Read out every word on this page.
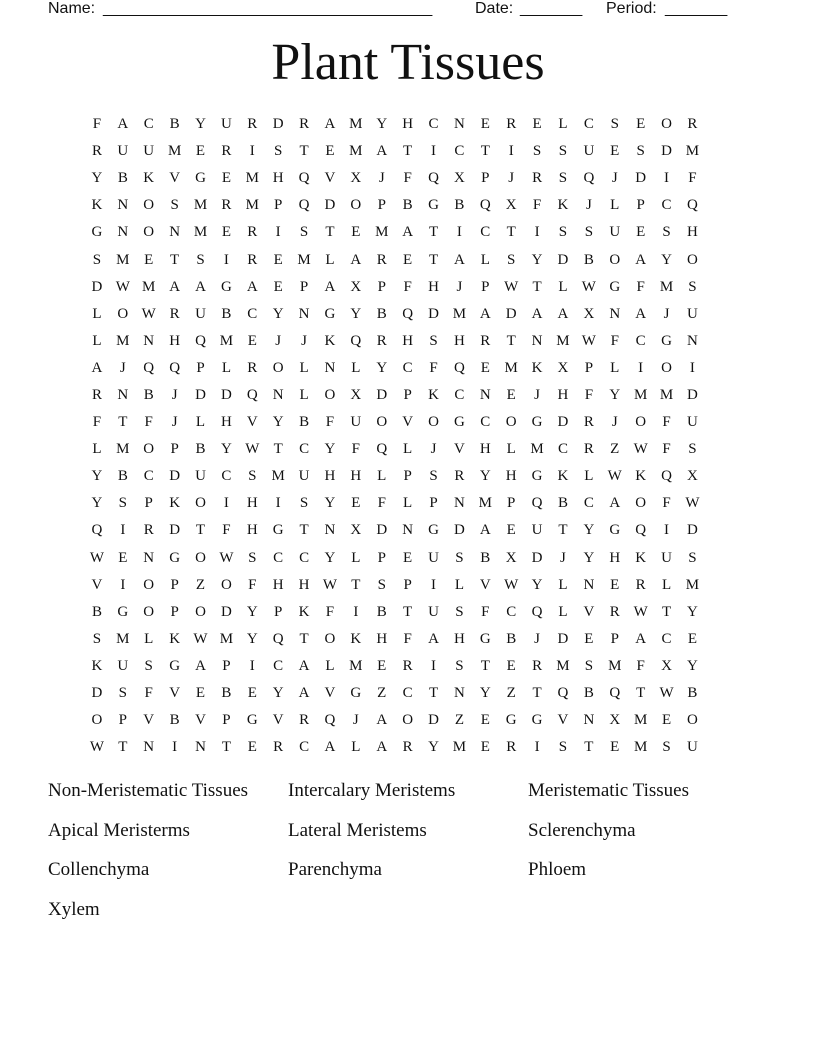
Name: _____________________________________	Date: _______ Period: _______
Plant Tissues
F	A	C	B	Y	U	R	D	R	A M Y	H	C	N	E	R	E	L	C	S	E	O	R
R	U	U M E	R	I	S	T	E M A	T	I	C	T	I	S	S	U	E	S	D M
Y	B	K	V	G	E M H	Q	V	X	J	F	Q	X	P	J	R	S	Q	J	D	I	F
K	N	O	S	M R M	P	Q	D	O	P	B	G	B	Q	X	F	K	J	L	P	C	Q
G	N	O	N M E	R	I	S	T	E M A	T	I	C	T	I	S	S	U	E	S	H
S	M E	T	S	I	R	E M L	A	R	E	T	A	L	S	Y	D	B	O	A	Y	O
D W M A	A	G	A	E	P	A	X	P	F	H	J	P W T	L W G	F	M	S
L	O W R	U	B	C	Y	N	G	Y	B	Q	D M A	D	A	A	X	N	A	J	U
L M N	H	Q M E	J	J	K	Q	R	H	S	H	R	T	N M W F	C	G	N
A	J	Q	Q	P	L	R	O	L	N	L	Y	C	F	Q	E M K	X	P	L	I	O	I
R	N	B	J	D	D	Q	N	L	O	X	D	P	K	C	N	E	J	H	F	Y M M D
F	T	F	J	L	H	V	Y	B	F	U	O	V	O	G	C	O	G	D	R	J	O	F	U
L M O	P	B	Y W T	C	Y	F	Q	L	J	V	H	L M C	R	Z W F	S
Y	B	C	D	U	C	S	M U	H	H	L	P	S	R	Y	H	G	K	L W K	Q	X
Y	S	P	K	O	I	H	I	S	Y	E	F	L	P	N M	P	Q	B	C	A	O	F W
Q	I	R	D	T	F	H	G	T	N	X	D	N	G	D	A	E	U	T	Y	G	Q	I	D
W E	N	G	O W S	C	C	Y	L	P	E	U	S	B	X	D	J	Y	H	K	U	S
V	I	O	P	Z	O	F	H	H W T	S	P	I	L	V W Y	L	N	E	R	L M
B	G	O	P	O	D	Y	P	K	F	I	B	T	U	S	F	C	Q	L	V	R W T	Y
S	M L	K W M Y	Q	T	O	K	H	F	A	H	G	B	J	D	E	P	A	C	E
K	U	S	G	A	P	I	C	A	L M E	R	I	S	T	E	R M	S	M	F	X	Y
D	S	F	V	E	B	E	Y	A	V	G	Z	C	T	N	Y	Z	T	Q	B	Q	T W B
O	P	V	B	V	P	G	V	R	Q	J	A	O	D	Z	E	G	G	V	N	X M E	O
W T	N	I	N	T	E	R	C	A	L	A	R	Y M E	R	I	S	T	E M	S	U
Non-Meristematic Tissues	Intercalary Meristems	Meristematic Tissues
Apical Meristerms	Lateral Meristems	Sclerenchyma
Collenchyma	Parenchyma	Phloem
Xylem
